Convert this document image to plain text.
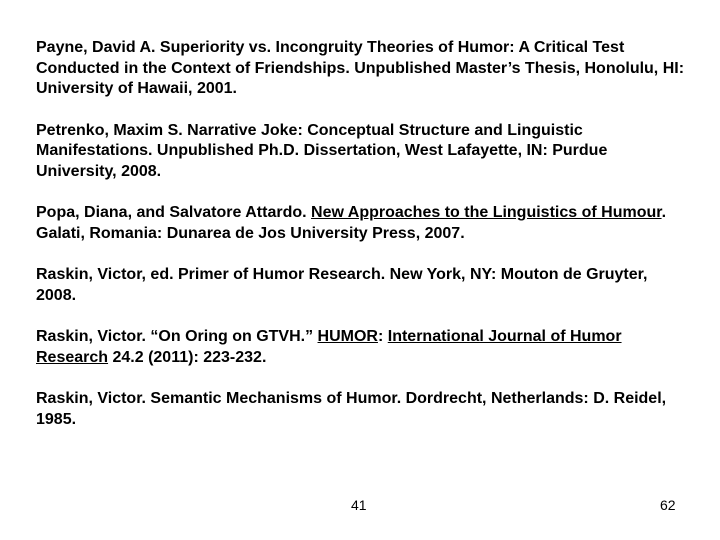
Payne, David A. Superiority vs. Incongruity Theories of Humor: A Critical Test Conducted in the Context of Friendships. Unpublished Master’s Thesis, Honolulu, HI: University of Hawaii, 2001.

Petrenko, Maxim S. Narrative Joke: Conceptual Structure and Linguistic Manifestations. Unpublished Ph.D. Dissertation, West Lafayette, IN: Purdue University, 2008.

Popa, Diana, and Salvatore Attardo. New Approaches to the Linguistics of Humour. Galati, Romania: Dunarea de Jos University Press, 2007.

Raskin, Victor, ed. Primer of Humor Research. New York, NY: Mouton de Gruyter, 2008.

Raskin, Victor. “On Oring on GTVH.” HUMOR: International Journal of Humor Research 24.2 (2011): 223-232.

Raskin, Victor. Semantic Mechanisms of Humor. Dordrecht, Netherlands: D. Reidel, 1985.

41	62
